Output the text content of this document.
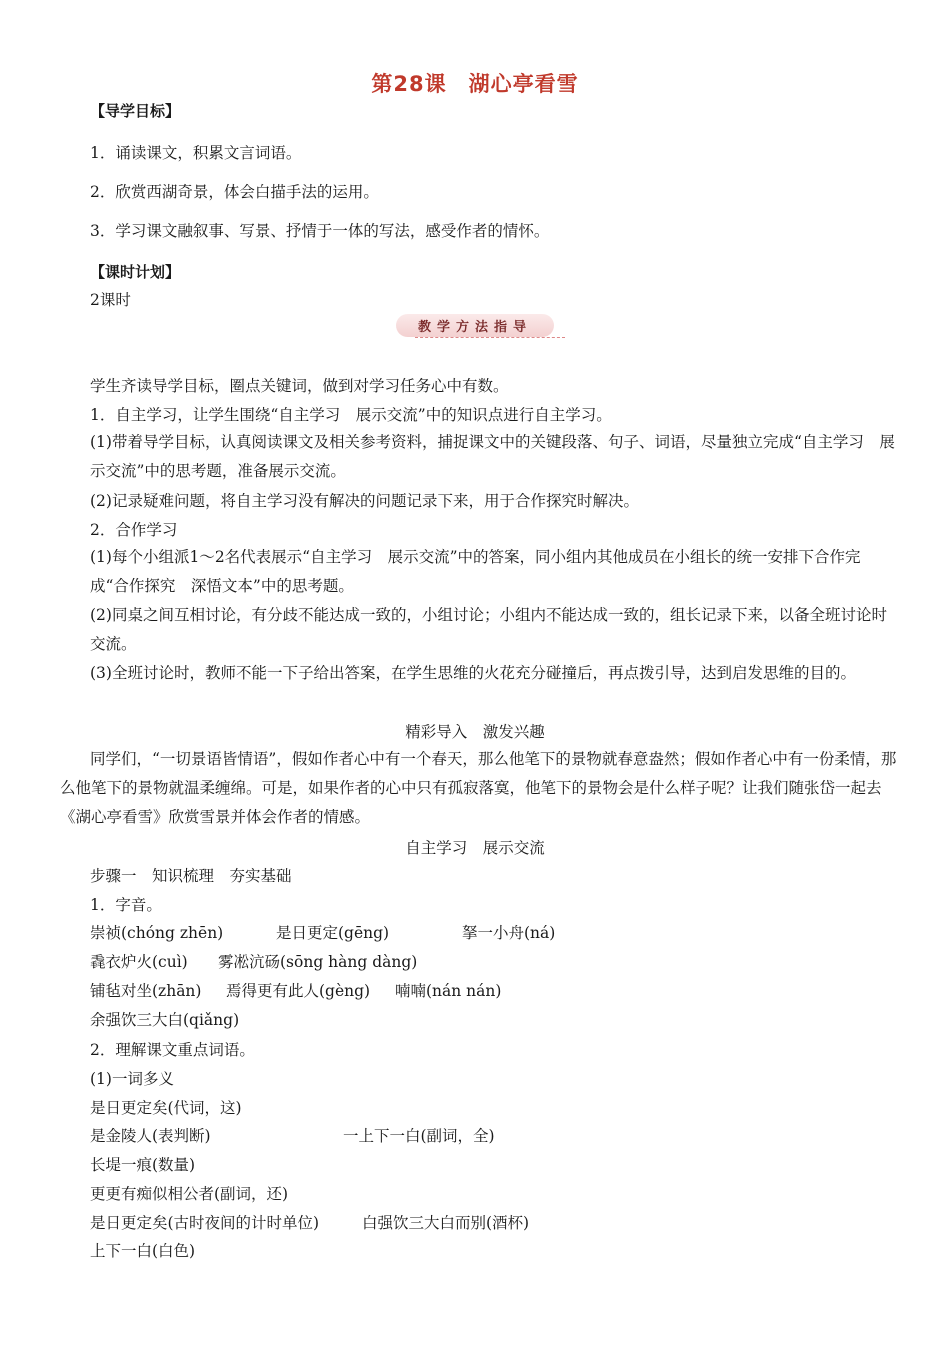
第28课　湖心亭看雪
【导学目标】
1．诵读课文，积累文言词语。
2．欣赏西湖奇景，体会白描手法的运用。
3．学习课文融叙事、写景、抒情于一体的写法，感受作者的情怀。
【课时计划】
2课时
教学方法指导
学生齐读导学目标，圈点关键词，做到对学习任务心中有数。
1．自主学习，让学生围绕“自主学习　展示交流”中的知识点进行自主学习。
(1)带着导学目标，认真阅读课文及相关参考资料，捕捉课文中的关键段落、句子、词语，尽量独立完成“自主学习　展示交流”中的思考题，准备展示交流。
(2)记录疑难问题，将自主学习没有解决的问题记录下来，用于合作探究时解决。
2．合作学习
(1)每个小组派1～2名代表展示“自主学习　展示交流”中的答案，同小组内其他成员在小组长的统一安排下合作完成“合作探究　深悟文本”中的思考题。
(2)同桌之间互相讨论，有分歧不能达成一致的，小组讨论；小组内不能达成一致的，组长记录下来，以备全班讨论时交流。
(3)全班讨论时，教师不能一下子给出答案，在学生思维的火花充分碰撞后，再点拨引导，达到启发思维的目的。
精彩导入　激发兴趣
同学们，“一切景语皆情语”，假如作者心中有一个春天，那么他笔下的景物就春意盎然；假如作者心中有一份柔情，那么他笔下的景物就温柔缠绵。可是，如果作者的心中只有孤寂落寞，他笔下的景物会是什么样子呢？让我们随张岱一起去《湖心亭看雪》欣赏雪景并体会作者的情感。
自主学习　展示交流
步骤一　知识梳理　夯实基础
1．字音。
崇祯(chóng zhēn)	是日更定(gēng)	拏一小舟(ná)
毳衣炉火(cuì) 雾凇沆砀(sōng hàng dàng)
铺毡对坐(zhān) 焉得更有此人(gèng) 喃喃(nán nán)
余强饮三大白(qiǎng)
2．理解课文重点词语。
(1)一词多义
是日更定矣(代词，这)
是金陵人(表判断)	一上下一白(副词，全)
长堤一痕(数量)
更更有痴似相公者(副词，还)
是日更定矣(古时夜间的计时单位)	白强饮三大白而别(酒杯)
上下一白(白色)
